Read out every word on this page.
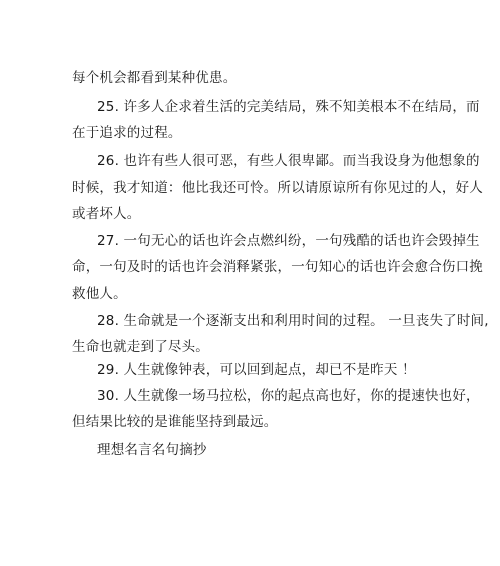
每个机会都看到某种优患。
25. 许多人企求着生活的完美结局，殊不知美根本不在结局，而
在于追求的过程。
26. 也许有些人很可恶，有些人很卑鄙。而当我设身为他想象的
时候，我才知道：他比我还可怜。所以请原谅所有你见过的人，好人
或者坏人。
27. 一句无心的话也许会点燃纠纷，一句残酷的话也许会毁掉生
命，一句及时的话也许会消释紧张，一句知心的话也许会愈合伤口挽
救他人。
28. 生命就是一个逐渐支出和利用时间的过程。 一旦丧失了时间,
生命也就走到了尽头。
29. 人生就像钟表，可以回到起点，却已不是昨天 ！
30. 人生就像一场马拉松，你的起点高也好，你的提速快也好，
但结果比较的是谁能坚持到最远。
理想名言名句摘抄
